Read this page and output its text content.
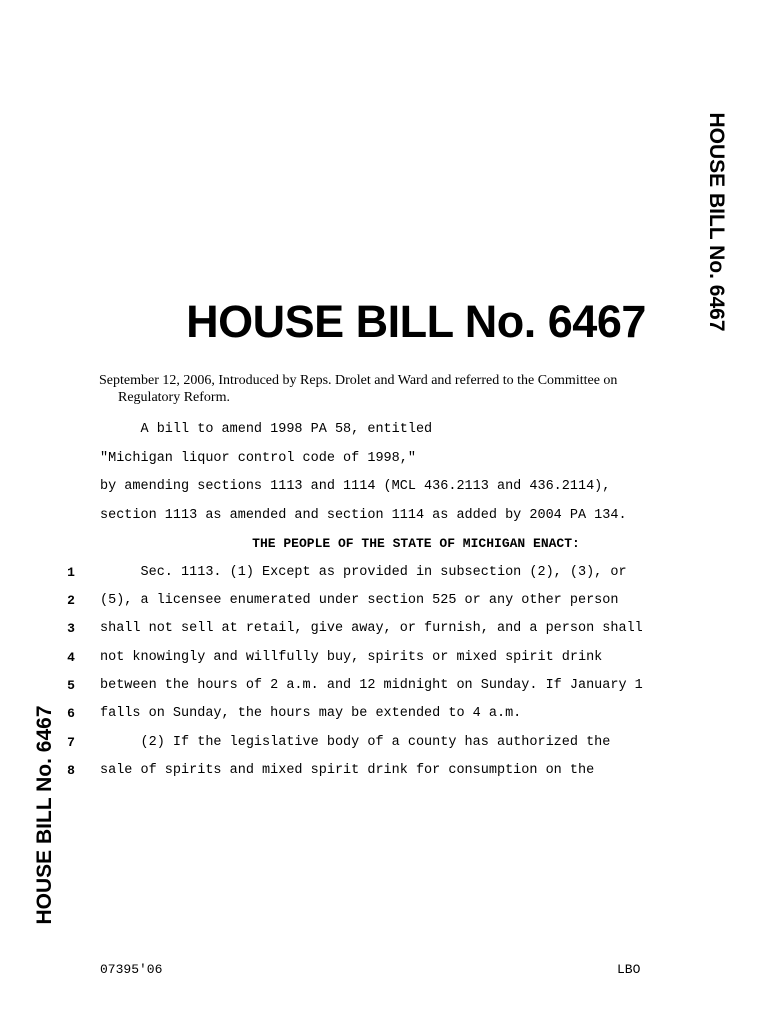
HOUSE BILL No. 6467
HOUSE BILL No. 6467
HOUSE BILL No. 6467
September 12, 2006, Introduced by Reps. Drolet and Ward and referred to the Committee on
Regulatory Reform.
A bill to amend 1998 PA 58, entitled
"Michigan liquor control code of 1998,"
by amending sections 1113 and 1114 (MCL 436.2113 and 436.2114),
section 1113 as amended and section 1114 as added by 2004 PA 134.
THE PEOPLE OF THE STATE OF MICHIGAN ENACT:
1 Sec. 1113. (1) Except as provided in subsection (2), (3), or
2 (5), a licensee enumerated under section 525 or any other person
3 shall not sell at retail, give away, or furnish, and a person shall
4 not knowingly and willfully buy, spirits or mixed spirit drink
5 between the hours of 2 a.m. and 12 midnight on Sunday. If January 1
6 falls on Sunday, the hours may be extended to 4 a.m.
7 (2) If the legislative body of a county has authorized the
8 sale of spirits and mixed spirit drink for consumption on the
07395'06	LBO
